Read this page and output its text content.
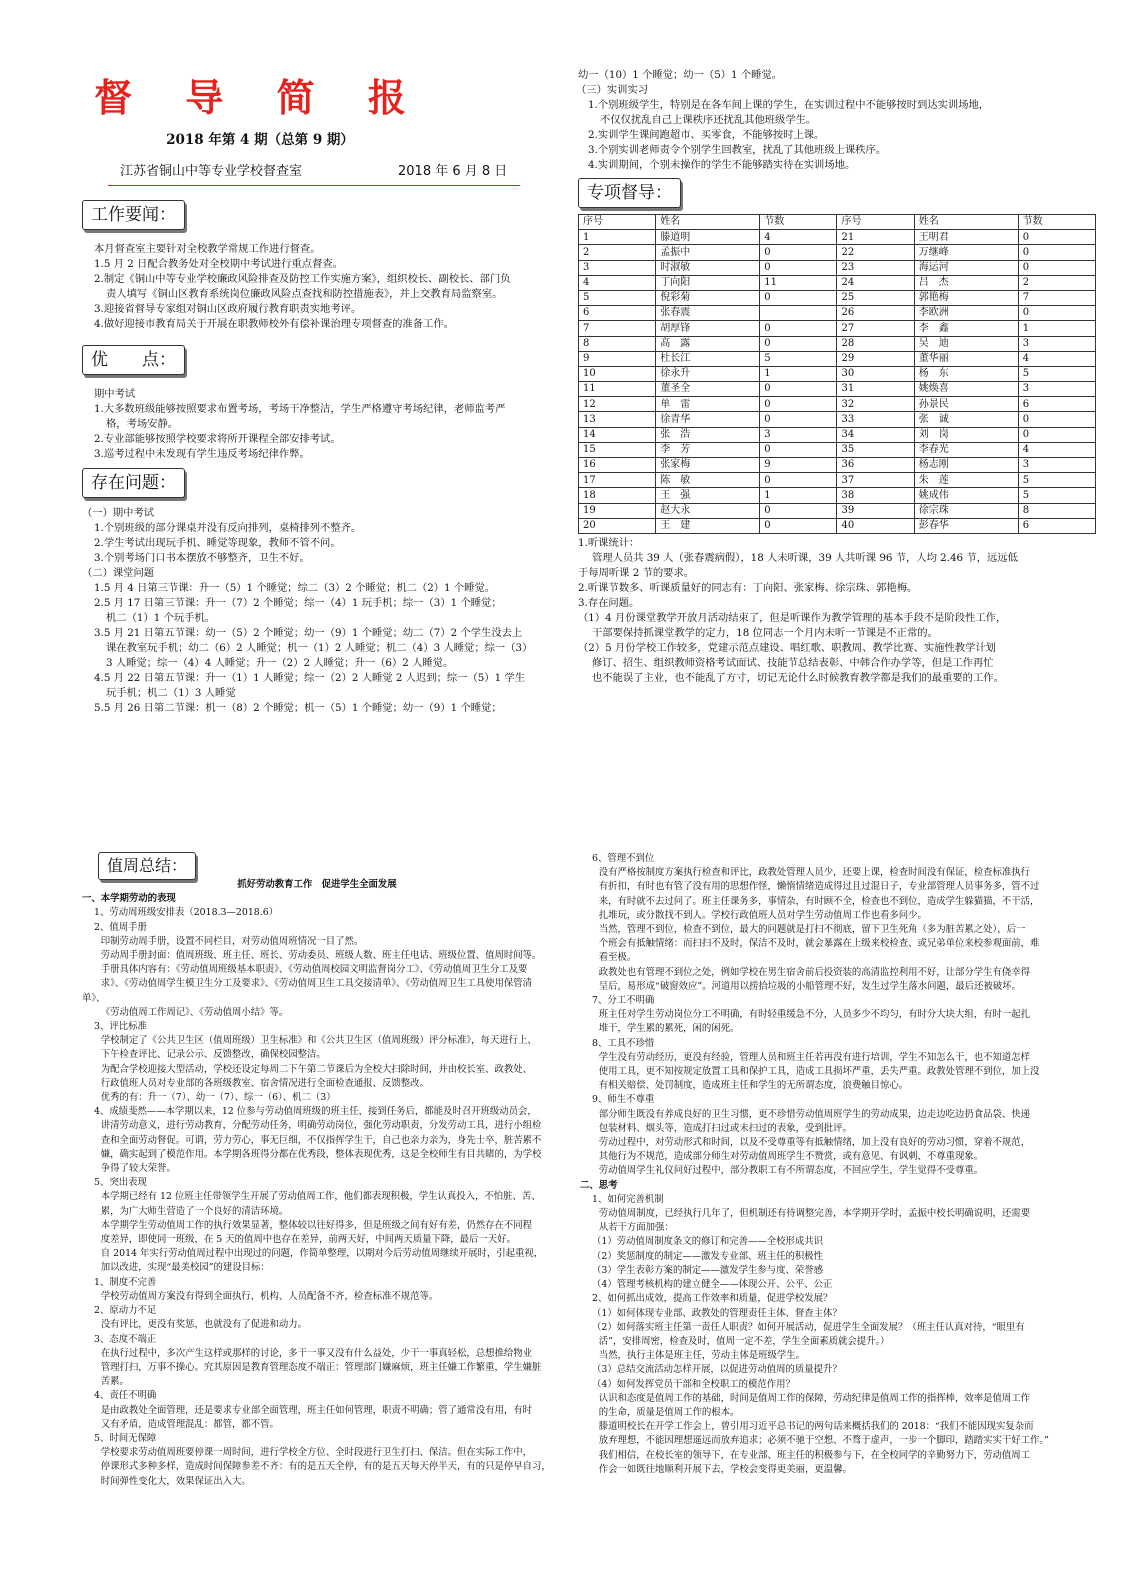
督 导 简 报
2018 年第 4 期（总第 9 期）
江苏省铜山中等专业学校督查室	2018 年 6 月 8 日
工作要闻：

本月督查室主要针对全校教学常规工作进行督查。

1.5 月 2 日配合教务处对全校期中考试进行重点督查。

2.制定《铜山中等专业学校廉政风险排查及防控工作实施方案》，组织校长、副校长、部门负

责人填写《铜山区教育系统岗位廉政风险点查找和防控措施表》，并上交教育局监察室。

3.迎接省督导专家组对铜山区政府履行教育职责实地考评。

4.做好迎接市教育局关于开展在职教师校外有偿补课治理专项督查的准备工作。

优　　点：

期中考试

1.大多数班级能够按照要求布置考场，考场干净整洁，学生严格遵守考场纪律，老师监考严

格，考场安静。

2.专业部能够按照学校要求将所开课程全部安排考试。

3.巡考过程中未发现有学生违反考场纪律作弊。

存在问题：

（一）期中考试

1.个别班级的部分课桌并没有反向排列，桌椅排列不整齐。

2.学生考试出现玩手机、睡觉等现象，教师不管不问。

3.个别考场门口书本摆放不够整齐，卫生不好。

（二）课堂问题

1.5 月 4 日第三节课：升一（5）1 个睡觉；综二（3）2 个睡觉；机二（2）1 个睡觉。

2.5 月 17 日第三节课：升一（7）2 个睡觉；综一（4）1 玩手机；综一（3）1 个睡觉；

机二（1）1 个玩手机。

3.5 月 21 日第五节课：幼一（5）2 个睡觉；幼一（9）1 个睡觉；幼二（7）2 个学生没去上

课在教室玩手机；幼二（6）2 人睡觉；机一（1）2 人睡觉；机二（4）3 人睡觉；综一（3）

3 人睡觉；综一（4）4 人睡觉；升一（2）2 人睡觉；升一（6）2 人睡觉。

4.5 月 22 日第五节课：升一（1）1 人睡觉；综一（2）2 人睡觉 2 人迟到；综一（5）1 学生

玩手机；机二（1）3 人睡觉

5.5 月 26 日第二节课：机一（8）2 个睡觉；机一（5）1 个睡觉；幼一（9）1 个睡觉；

幼一（10）1 个睡觉；幼一（5）1 个睡觉。

（三）实训实习

1.个别班级学生，特别是在各车间上课的学生，在实训过程中不能够按时到达实训场地，

不仅仅扰乱自己上课秩序还扰乱其他班级学生。

2.实训学生课间跑超市、买零食，不能够按时上课。

3.个别实训老师责令个别学生回教室，扰乱了其他班级上课秩序。

4.实训期间，个别未操作的学生不能够踏实待在实训场地。

专项督导：
序号	姓名	节数	序号	姓名	节数
1	滕道明	4	21	王明君	0
2	孟振中	0	22	万继峰	0
3	时淑敏	0	23	海运河	0
4	丁向阳	11	24	吕　杰	2
5	倪彩菊	0	25	郭艳梅	7
6	张春震		26	李欧洲	0
7	胡厚锋	0	27	李　鑫	1
8	高　露	0	28	吴　迪	3
9	杜长江	5	29	董华丽	4
10	徐永升	1	30	杨　东	5
11	董圣全	0	31	姚焕喜	3
12	单　雷	0	32	孙景民	6
13	徐青华	0	33	张　诚	0
14	张　浩	3	34	刘　岗	0
15	李　芳	0	35	李春光	4
16	张家梅	9	36	杨志刚	3
17	陈　敏	0	37	朱　莲	5
18	王　强	1	38	姚成伟	5
19	赵大永	0	39	徐宗珠	8
20	王　建	0	40	彭春华	6

1.听课统计：

管理人员共 39 人（张春震病假），18 人未听课，39 人共听课 96 节，人均 2.46 节，远远低

于每周听课 2 节的要求。

2.听课节数多、听课质量好的同志有：丁向阳、张家梅、徐宗珠、郭艳梅。

3.存在问题。

（1）4 月份课堂教学开放月活动结束了，但是听课作为教学管理的基本手段不是阶段性工作，

干部要保持抓课堂教学的定力，18 位同志一个月内未听一节课是不正常的。

（2）5 月份学校工作较多，党建示范点建设、唱红歌、职教周、教学比赛、实施性教学计划

修订、招生、组织教师资格考试面试、技能节总结表彰、中韩合作办学等，但是工作再忙

也不能误了主业，也不能乱了方寸，切记无论什么时候教育教学都是我们的最重要的工作。

值周总结：

抓好劳动教育工作　促进学生全面发展

一、本学期劳动的表现

1、劳动周班级安排表（2018.3—2018.6）

2、值周手册

印制劳动周手册，设置不同栏目，对劳动值周班情况一目了然。

劳动周手册封面：值周班级、班主任、班长、劳动委员、班级人数、班主任电话、班级位置、值周时间等。

手册具体内容有：《劳动值周班级基本职责》、《劳动值周校园文明监督岗分工》、《劳动值周卫生分工及要

求》、《劳动值周学生模卫生分工及要求》、《劳动值周卫生工具交接清单》、《劳动值周卫生工具使用保管清单》、

《劳动值周工作周记》、《劳动值周小结》等。

3、评比标准

学校制定了《公共卫生区（值周班级）卫生标准》和《公共卫生区（值周班级）评分标准》，每天进行上、

下午检查评比、记录公示、反馈整改，确保校园整洁。

为配合学校迎接大型活动，学校还设定每周二下午第二节课后为全校大扫除时间，并由校长室、政教处、

行政值班人员对专业部的各班级教室、宿舍情况进行全面检查通报、反馈整改。

优秀的有：升一（7）、幼一（7）、综一（6）、机二（3）

4、成绩斐然——本学期以来，12 位参与劳动值周班级的班主任，接到任务后，都能及时召开班级动员会，

讲清劳动意义，进行劳动教育，分配劳动任务，明确劳动岗位，强化劳动职责，分发劳动工具，进行小组检

查和全面劳动督促。可谓，劳力劳心，事无巨细，不仅指挥学生干，自己也亲力亲为，身先士卒，脏苦累不

嫌，确实起到了模范作用。本学期各班得分都在优秀段，整体表现优秀，这是全校师生有目共睹的，为学校

争得了较大荣誉。

5、突出表现

本学期已经有 12 位班主任带领学生开展了劳动值周工作，他们都表现积极，学生认真投入，不怕脏、苦、

累，为广大师生营造了一个良好的清洁环境。

本学期学生劳动值周工作的执行效果显著，整体较以往好得多，但是班级之间有好有差，仍然存在不同程

度差异，即使同一班级，在 5 天的值周中也存在差异，前两天好，中间两天质量下降，最后一天好。

自 2014 年实行劳动值周过程中出现过的问题，作简单整理，以期对今后劳动值周继续开展时，引起重视，

加以改进，实现“最美校园”的建设目标：

1、制度不完善

学校劳动值周方案没有得到全面执行，机构、人员配备不齐，检查标准不规范等。

2、原动力不足

没有评比，更没有奖惩，也就没有了促进和动力。

3、态度不端正

在执行过程中，多次产生这样或那样的讨论，多干一事又没有什么益处，少干一事真轻松，总想推给物业

管理打扫，万事不操心。究其原因是教育管理态度不端正：管理部门嫌麻烦，班主任嫌工作繁重，学生嫌脏

苦累。

4、责任不明确

是由政教处全面管理，还是要求专业部全面管理，班主任如何管理，职责不明确；管了通常没有用，有时

又有矛盾，造成管理混乱：都管，都不管。

5、时间无保障

学校要求劳动值周班要停课一周时间，进行学校全方位、全时段进行卫生打扫、保洁。但在实际工作中，

停课形式多种多样，造成时间保障参差不齐：有的是五天全停，有的是五天每天停半天，有的只是停早自习，

时间弹性变化大，效果保证出入大。

6、管理不到位

没有严格按制度方案执行检查和评比，政教处管理人员少，还要上课，检查时间没有保证，检查标准执行

有折扣，有时也有管了没有用的思想作怪，懒惰情绪造成得过且过混日子，专业部管理人员事务多，管不过

来，有时就不去过问了。班主任课务多，事情杂，有时顾不全，检查也不到位，造成学生躲猫猫，不干活，

扎堆玩，或分散找不到人。学校行政值班人员对学生劳动值周工作也看多问少。

当然，管理不到位，检查不到位，最大的问题就是打扫不彻底，留下卫生死角（多为脏苦累之处），后一

个班会有抵触情绪：而扫扫不及时，保洁不及时，就会暴露在上级来校检查、或兄弟单位来校参观面前，难

看至极。

政教处也有管理不到位之处，例如学校在男生宿舍前后投资装的高清监控利用不好，让部分学生有侥幸得

呈后，易形成“破窗效应”。河道用以捞拾垃圾的小船管理不好，发生过学生落水问题，最后还被破坏。

7、分工不明确

班主任对学生劳动岗位分工不明确，有时轻重缓急不分，人员多少不均匀，有时分大块大组，有时一起扎

堆干，学生累的累死，闲的闲死。

8、工具不珍惜

学生没有劳动经历，更没有经验，管理人员和班主任若再没有进行培训，学生不知怎么干，也不知道怎样

使用工具，更不知按规定放置工具和保护工具，造成工具损坏严重，丢失严重。政教处管理不到位，加上没

有相关赔偿、处罚制度，造成班主任和学生的无所谓态度，浪费触目惊心。

9、师生不尊重

部分师生既没有养成良好的卫生习惯，更不珍惜劳动值周班学生的劳动成果，边走边吃边扔食品袋、快递

包装材料、烟头等，造成打扫过或未扫过的表象，受到批评。

劳动过程中，对劳动形式和时间，以及不受尊重等有抵触情绪，加上没有良好的劳动习惯，穿着不规范，

其他行为不规范，造成部分师生对劳动值周班学生不赞赏，或有意见、有讽刺、不尊重现象。

劳动值周学生礼仪问好过程中，部分教职工有不所谓态度，不回应学生，学生觉得不受尊重。

二、思考

1、如何完善机制

劳动值周制度，已经执行几年了，但机制还有待调整完善，本学期开学时，孟振中校长明确说明，还需要

从若干方面加强：

（1）劳动值周制度条文的修订和完善——全校形成共识

（2）奖惩制度的制定——激发专业部、班主任的积极性

（3）学生表彰方案的制定——激发学生参与度、荣誉感

（4）管理考核机构的建立健全——体现公开、公平、公正

2、如何抓出成效，提高工作效率和质量，促进学校发展？

（1）如何体现专业部、政教处的管理责任主体、督查主体？

（2）如何落实班主任第一责任人职责？如何开展活动，促进学生全面发展？（班主任认真对待，“眼里有

活”，安排周密，检查及时，值周一定不差，学生全面素质就会提升。）

当然，执行主体是班主任，劳动主体是班级学生。

（3）总结交流活动怎样开展，以促进劳动值周的质量提升？

（4）如何发挥党员干部和全校职工的模范作用？

认识和态度是值周工作的基础，时间是值周工作的保障，劳动纪律是值周工作的指挥棒，效率是值周工作

的生命，质量是值周工作的根本。

滕道明校长在开学工作会上，曾引用习近平总书记的两句话来概括我们的 2018：“我们不能因现实复杂而

放弃理想，不能因理想遥远而放弃追求；必须不驰于空想、不骛于虚声，一步一个脚印，踏踏实实干好工作。”

我们相信，在校长室的领导下，在专业部、班主任的积极参与下，在全校同学的辛勤努力下，劳动值周工

作会一如既往地顺利开展下去，学校会变得更美丽，更温馨。
